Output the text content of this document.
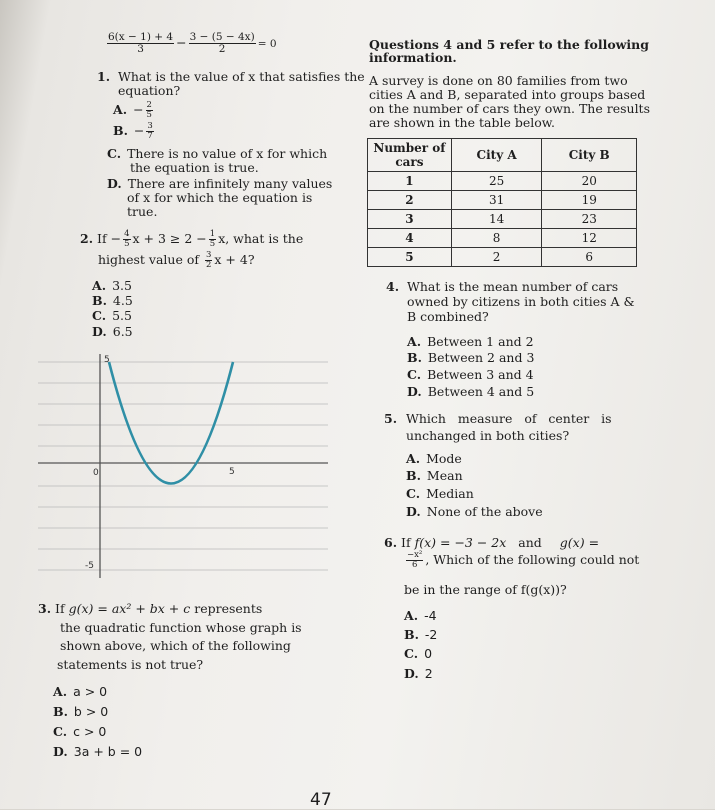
$\frac{6(x - 1) + 4}{3} - \frac{3 - (5 - 4x)}{2} = 0$
1. What is the value of x that satisfies the
equation?
A. − $\frac{2}{5}$
B. − $\frac{3}{7}$
C. There is no value of x for which
the equation is true.
D. There are infinitely many values
of x for which the equation is
true.
2. $If - \frac{4}{5}$ $x + 3 \ge 2 - \frac{1}{5} x$, what is the
highest value of $\frac{3}{2}$ x + 4?
A. 3.5
B. 4.5
C. 5.5
D. 6.5
5
0	5
-5
3. If g(x) = ax² + bx + c represents
the quadratic function whose graph is
shown above, which of the following
statements is not true?
A. a > 0
B. b > 0
C. c > 0
D. 3a + b = 0
47
Questions 4 and 5 refer to the following
information.
A survey is done on 80 families from two
cities A and B, separated into groups based
on the number of cars they own. The results
are shown in the table below.
Number of cars	City A	City B
1	25	20
2	31	19
3	14	23
4	8	12
5	2	6
4. What is the mean number of cars
owned by citizens in both cities A &
B combined?
A. Between 1 and 2
B. Between 2 and 3
C. Between 3 and 4
D. Between 4 and 5
5. Which   measure   of   center   is
unchanged in both cities?
A. Mode
B. Mean
C. Median
D. None of the above
6. If f(x) = −3 − 2x and g(x) =
$\frac{\text{−x²}}{6}$ , Which of the following could not
be in the range of f(g(x))?
A. -4
B. -2
C. 0
D. 2
